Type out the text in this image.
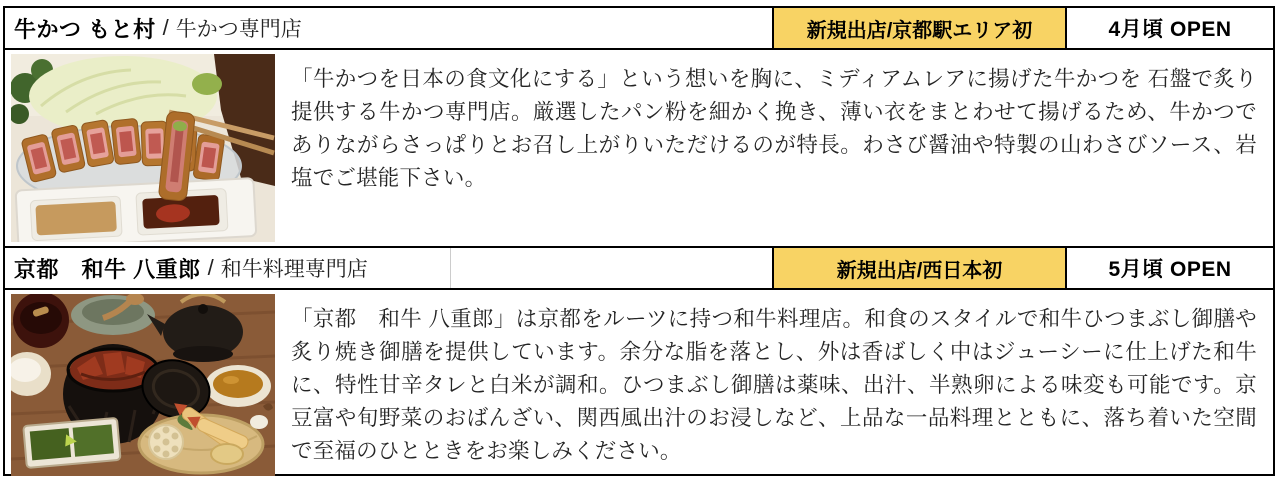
牛かつ もと村 / 牛かつ専門店	新規出店/京都駅エリア初	4月頃 OPEN

「牛かつを日本の食文化にする」という想いを胸に、ミディアムレアに揚げた牛かつを 石盤で炙り提供する牛かつ専門店。厳選したパン粉を細かく挽き、薄い衣をまとわせて揚げるため、牛かつでありながらさっぱりとお召し上がりいただけるのが特長。わさび醤油や特製の山わさびソース、岩塩でご堪能下さい。

京都　和牛 八重郎 / 和牛料理専門店	新規出店/西日本初	5月頃 OPEN

「京都　和牛 八重郎」は京都をルーツに持つ和牛料理店。和食のスタイルで和牛ひつまぶし御膳や炙り焼き御膳を提供しています。余分な脂を落とし、外は香ばしく中はジューシーに仕上げた和牛に、特性甘辛タレと白米が調和。ひつまぶし御膳は薬味、出汁、半熟卵による味変も可能です。京豆富や旬野菜のおばんざい、関西風出汁のお浸しなど、上品な一品料理とともに、落ち着いた空間で至福のひとときをお楽しみください。
